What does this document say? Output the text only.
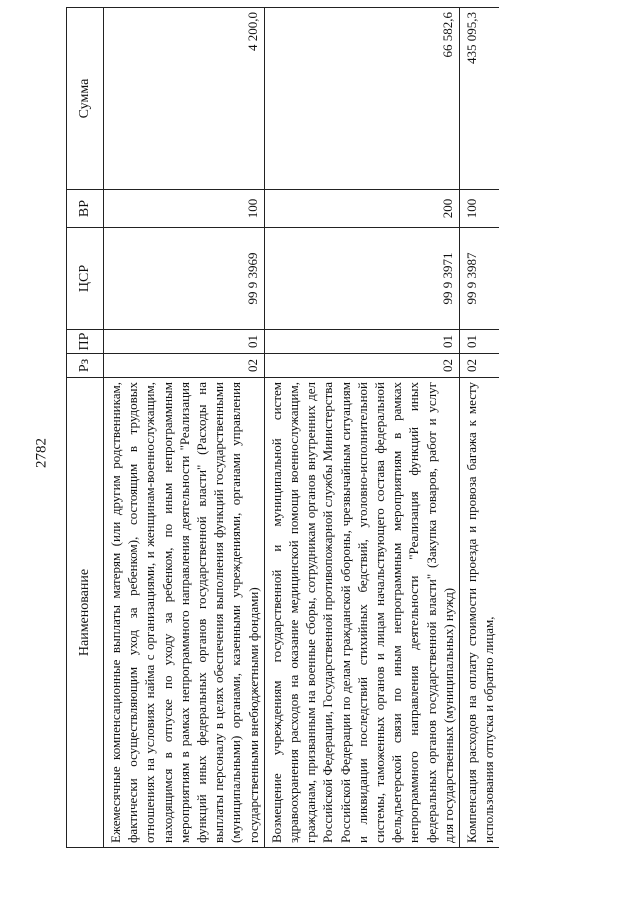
2782
Наименование	Рз	ПР	ЦСР	ВР	Сумма
Ежемесячные компенсационные выплаты матерям (или другим родственникам, фактически осуществляющим уход за ребенком), состоящим в трудовых отношениях на условиях найма с организациями, и женщинам-военнослужащим, находящимся в отпуске по уходу за ребенком, по иным непрограммным мероприятиям в рамках непрограммного направления деятельности "Реализация функций иных федеральных органов государственной власти" (Расходы на выплаты персоналу в целях обеспечения выполнения функций государственными (муниципальными) органами, казенными учреждениями, органами управления государственными внебюджетными фондами)	02	01	99 9 3969	100	4 200,0
Возмещение учреждениям государственной и муниципальной систем здравоохранения расходов на оказание медицинской помощи военнослужащим, гражданам, призванным на военные сборы, сотрудникам органов внутренних дел Российской Федерации, Государственной противопожарной службы Министерства Российской Федерации по делам гражданской обороны, чрезвычайным ситуациям и ликвидации последствий стихийных бедствий, уголовно-исполнительной системы, таможенных органов и лицам начальствующего состава федеральной фельдъегерской связи по иным непрограммным мероприятиям в рамках непрограммного направления деятельности "Реализация функций иных федеральных органов государственной власти" (Закупка товаров, работ и услуг для государственных (муниципальных) нужд)	02	01	99 9 3971	200	66 582,6
Компенсация расходов на оплату стоимости проезда и провоза багажа к месту использования отпуска и обратно лицам,	02	01	99 9 3987	100	435 095,3
